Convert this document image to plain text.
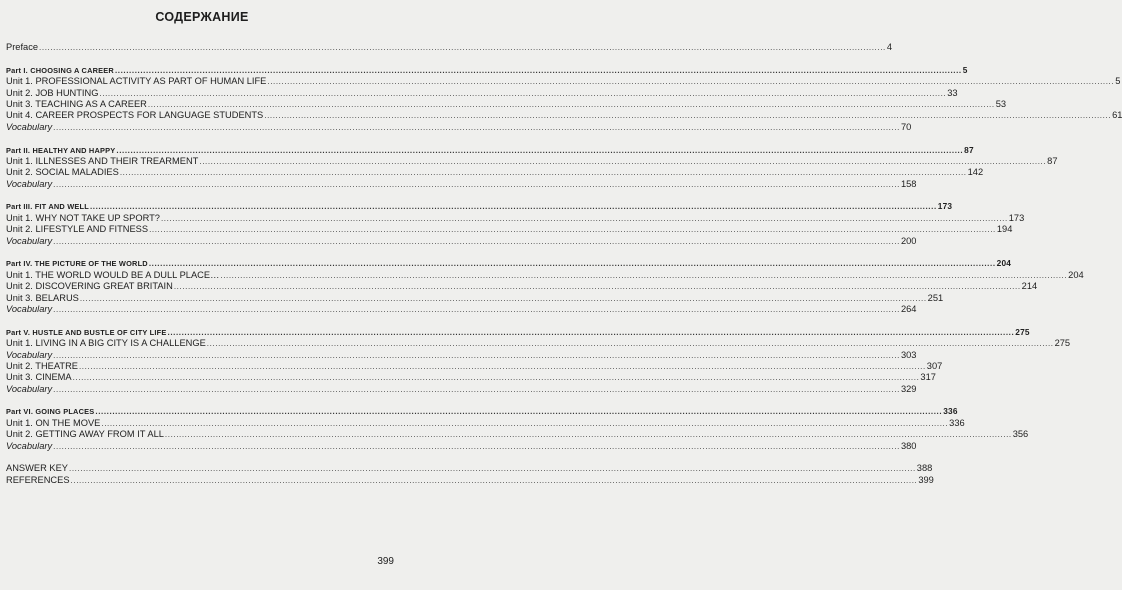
СОДЕРЖАНИЕ
Preface ............................................................................................................................................................................................................................................................................................................ 4
Part I. CHOOSING A CAREER ............................................................................................................................................................................................................................................................................................................ 5
Unit 1. PROFESSIONAL ACTIVITY AS PART OF HUMAN LIFE ............................................................................................................................................................................................................................................................................................................ 5
Unit 2. JOB HUNTING ............................................................................................................................................................................................................................................................................................................ 33
Unit 3. TEACHING AS A CAREER ............................................................................................................................................................................................................................................................................................................ 53
Unit 4. CAREER PROSPECTS FOR LANGUAGE STUDENTS ............................................................................................................................................................................................................................................................................................................ 61
Vocabulary ............................................................................................................................................................................................................................................................................................................ 70
Part II. HEALTHY AND HAPPY ............................................................................................................................................................................................................................................................................................................ 87
Unit 1. ILLNESSES AND THEIR TREARMENT ............................................................................................................................................................................................................................................................................................................ 87
Unit 2. SOCIAL MALADIES ............................................................................................................................................................................................................................................................................................................ 142
Vocabulary ............................................................................................................................................................................................................................................................................................................ 158
Part III. FIT AND WELL ............................................................................................................................................................................................................................................................................................................ 173
Unit 1. WHY NOT TAKE UP SPORT? ............................................................................................................................................................................................................................................................................................................ 173
Unit 2. LIFESTYLE AND FITNESS ............................................................................................................................................................................................................................................................................................................ 194
Vocabulary ............................................................................................................................................................................................................................................................................................................ 200
Part IV. THE PICTURE OF THE WORLD ............................................................................................................................................................................................................................................................................................................ 204
Unit 1. THE WORLD WOULD BE A DULL PLACE… ............................................................................................................................................................................................................................................................................................................ 204
Unit 2. DISCOVERING GREAT BRITAIN ............................................................................................................................................................................................................................................................................................................ 214
Unit 3. BELARUS ............................................................................................................................................................................................................................................................................................................ 251
Vocabulary ............................................................................................................................................................................................................................................................................................................ 264
Part V. HUSTLE AND BUSTLE OF CITY LIFE ............................................................................................................................................................................................................................................................................................................ 275
Unit 1. LIVING IN A BIG CITY IS A CHALLENGE ............................................................................................................................................................................................................................................................................................................ 275
Vocabulary ............................................................................................................................................................................................................................................................................................................ 303
Unit 2. THEATRE ............................................................................................................................................................................................................................................................................................................ 307
Unit 3. CINEMA ............................................................................................................................................................................................................................................................................................................ 317
Vocabulary ............................................................................................................................................................................................................................................................................................................ 329
Part VI. GOING PLACES ............................................................................................................................................................................................................................................................................................................ 336
Unit 1. ON THE MOVE ............................................................................................................................................................................................................................................................................................................ 336
Unit 2. GETTING AWAY FROM IT ALL ............................................................................................................................................................................................................................................................................................................ 356
Vocabulary ............................................................................................................................................................................................................................................................................................................ 380
ANSWER KEY ............................................................................................................................................................................................................................................................................................................ 388
REFERENCES ............................................................................................................................................................................................................................................................................................................ 399
399
